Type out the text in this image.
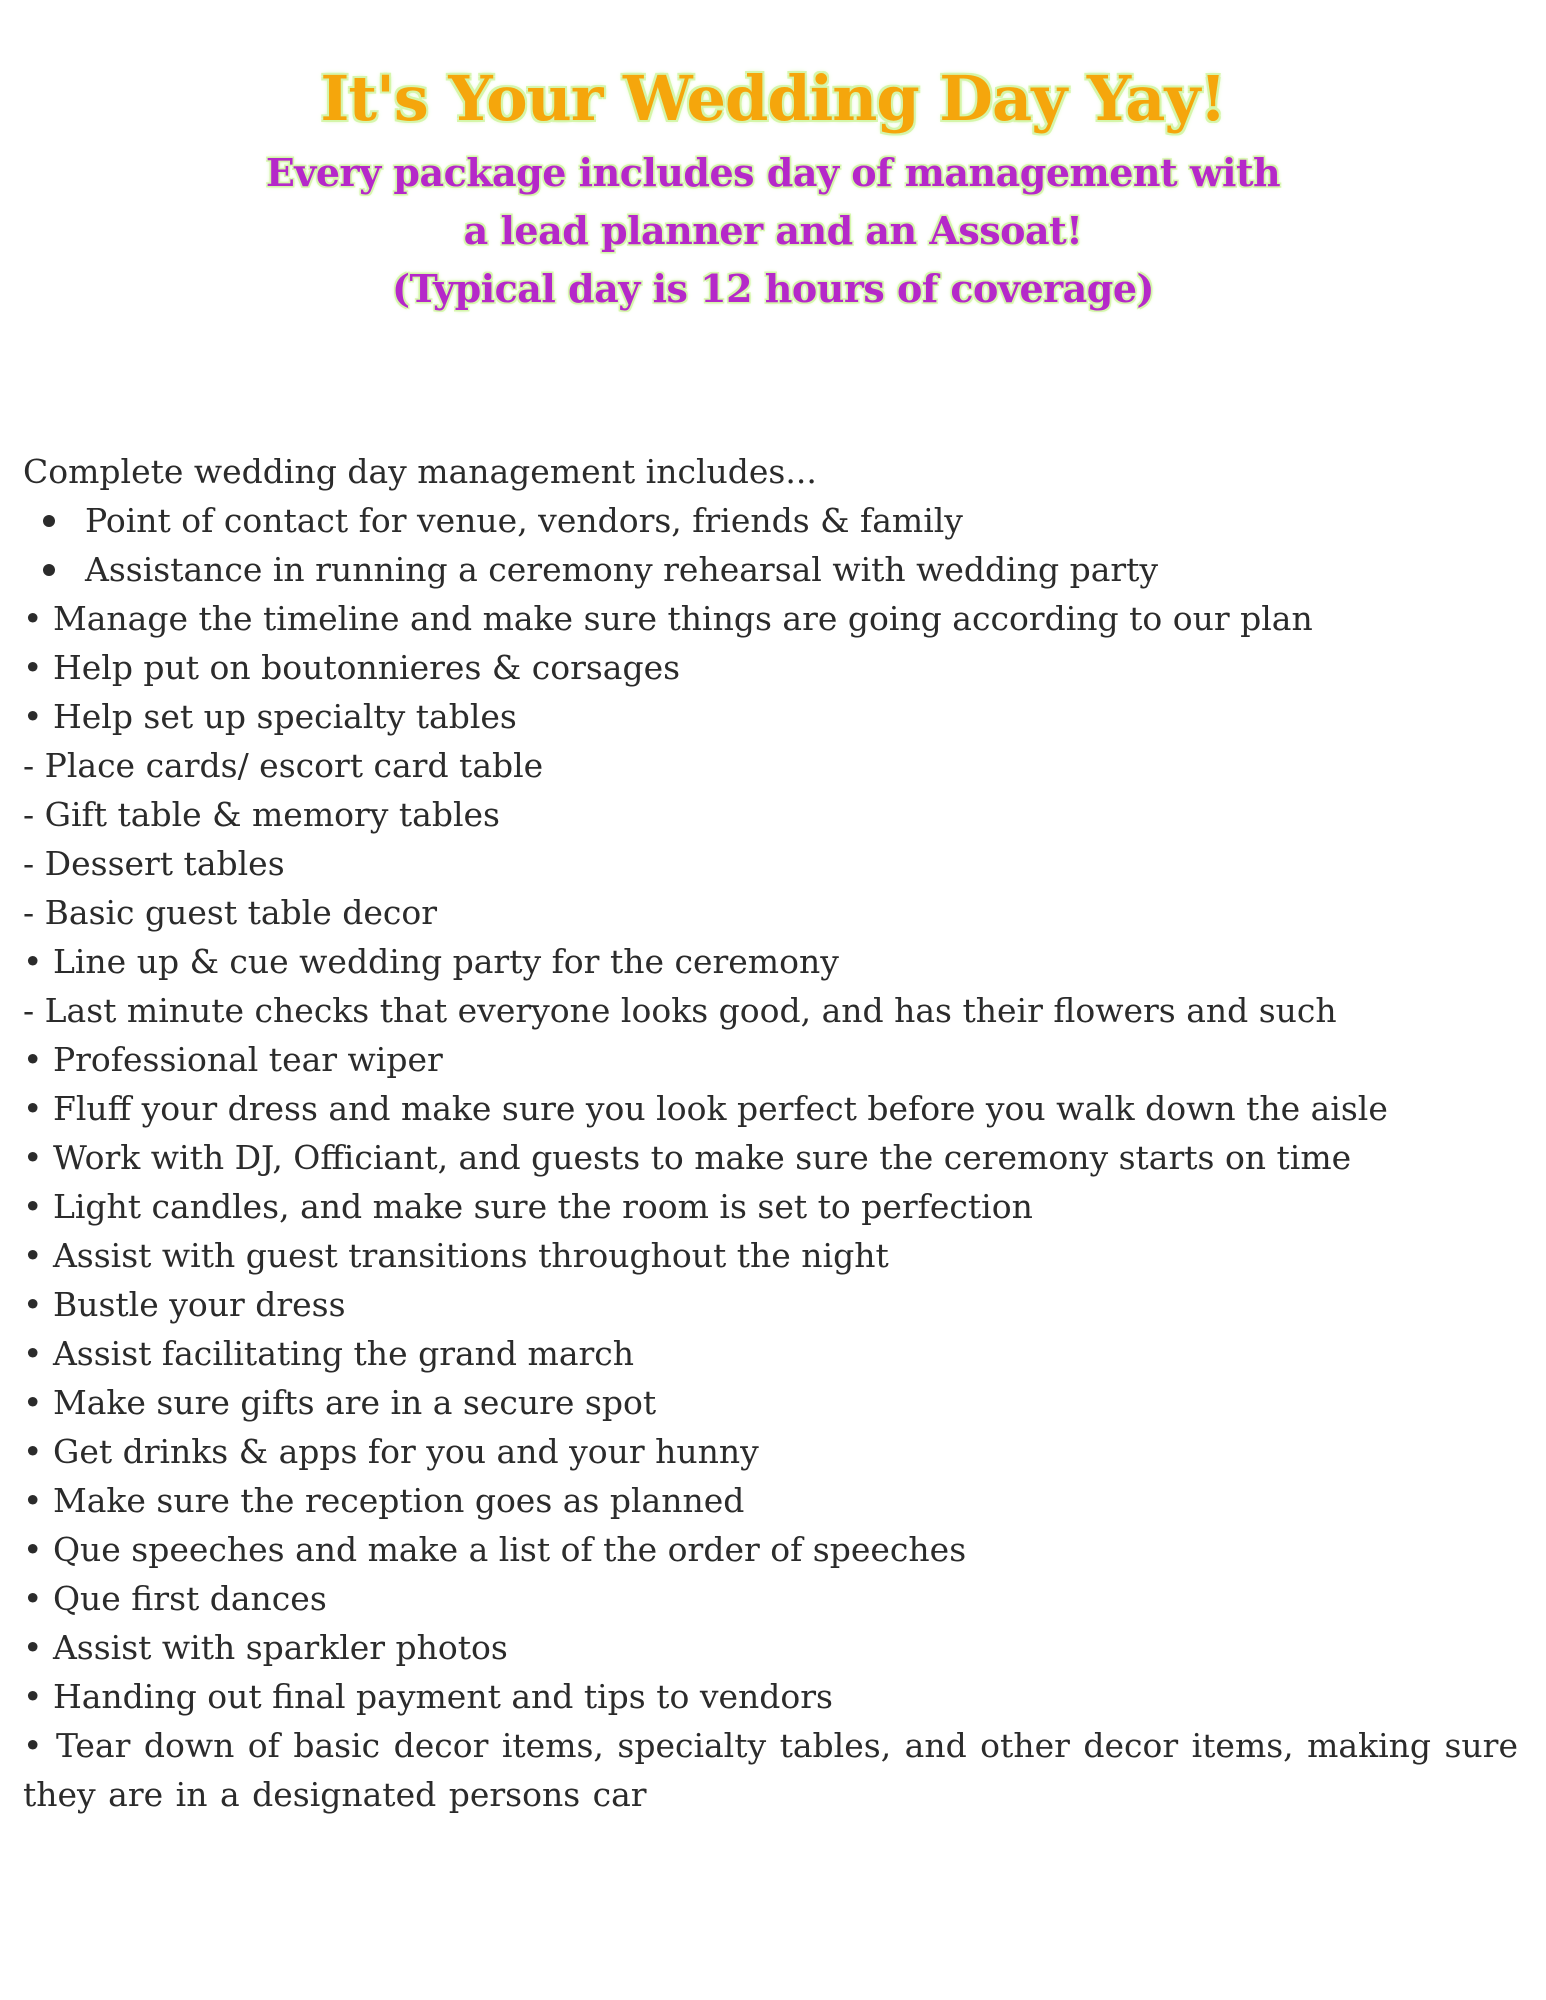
It's Your Wedding Day Yay!
Every package includes day of management with
a lead planner and an Assoat!
(Typical day is 12 hours of coverage)

Complete wedding day management includes...

Point of contact for venue, vendors, friends & family
Assistance in running a ceremony rehearsal with wedding party

• Manage the timeline and make sure things are going according to our plan

• Help put on boutonnieres & corsages

• Help set up specialty tables

- Place cards/ escort card table

- Gift table & memory tables

- Dessert tables

- Basic guest table decor

• Line up & cue wedding party for the ceremony

- Last minute checks that everyone looks good, and has their flowers and such

• Professional tear wiper

• Fluff your dress and make sure you look perfect before you walk down the aisle

• Work with DJ, Officiant, and guests to make sure the ceremony starts on time

• Light candles, and make sure the room is set to perfection

• Assist with guest transitions throughout the night

• Bustle your dress

• Assist facilitating the grand march

• Make sure gifts are in a secure spot

• Get drinks & apps for you and your hunny

• Make sure the reception goes as planned

• Que speeches and make a list of the order of speeches

• Que first dances

• Assist with sparkler photos

• Handing out final payment and tips to vendors

• Tear down of basic decor items, specialty tables, and other decor items, making sure they are in a designated persons car
